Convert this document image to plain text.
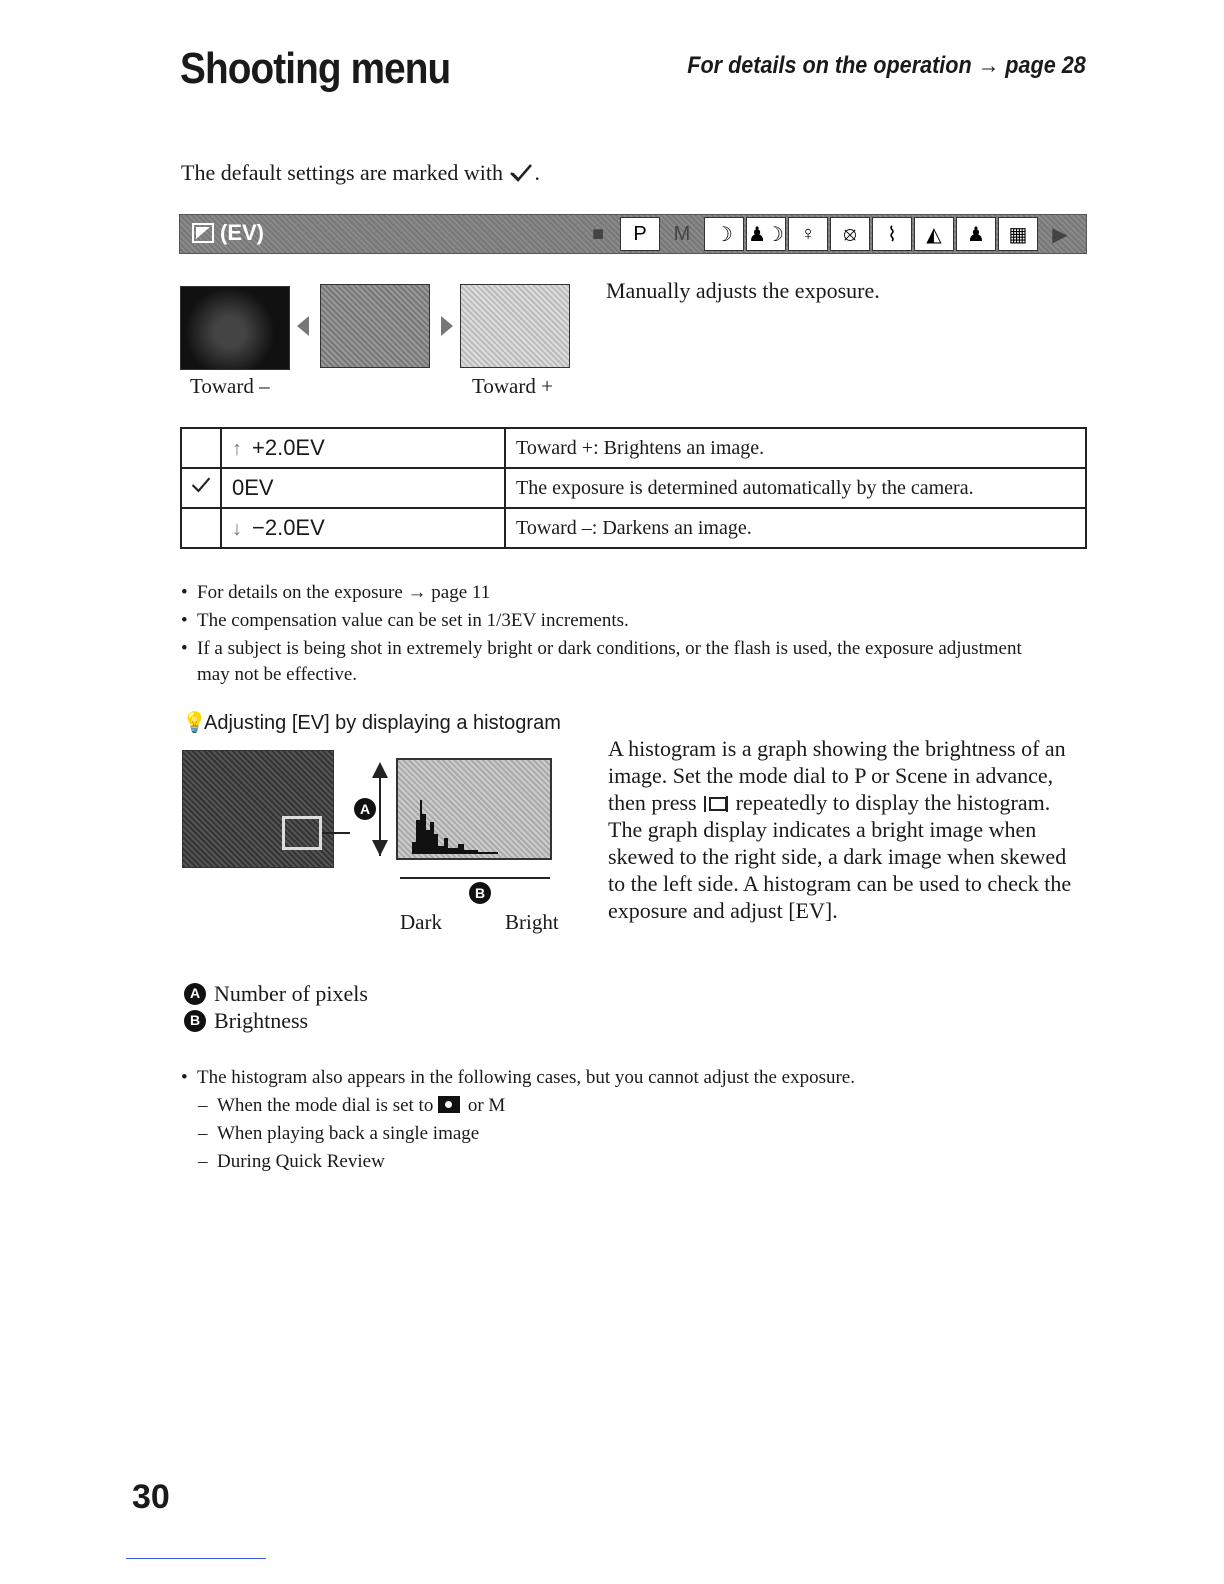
Shooting menu	For details on the operation → page 28
The default settings are marked with .
(EV)	■	P	M	☽ ♟☽ ♀	⦻	⌇	◭	♟	▦	▶
Toward –	Toward +
Manually adjusts the exposure.
	↑ +2.0EV	Toward +: Brightens an image.
	0EV	The exposure is determined automatically by the camera.
	↓ −2.0EV	Toward –: Darkens an image.
• For details on the exposure → page 11
• The compensation value can be set in 1/3EV increments.
• If a subject is being shot in extremely bright or dark conditions, or the flash is used, the exposure adjustment may not be effective.
💡Adjusting [EV] by displaying a histogram
A
B
Dark	Bright
A histogram is a graph showing the brightness of an image. Set the mode dial to P or Scene in advance, then press repeatedly to display the histogram. The graph display indicates a bright image when skewed to the right side, a dark image when skewed to the left side. A histogram can be used to check the exposure and adjust [EV].
A Number of pixels
B Brightness
• The histogram also appears in the following cases, but you cannot adjust the exposure.
– When the mode dial is set to or M
– When playing back a single image
– During Quick Review
30
